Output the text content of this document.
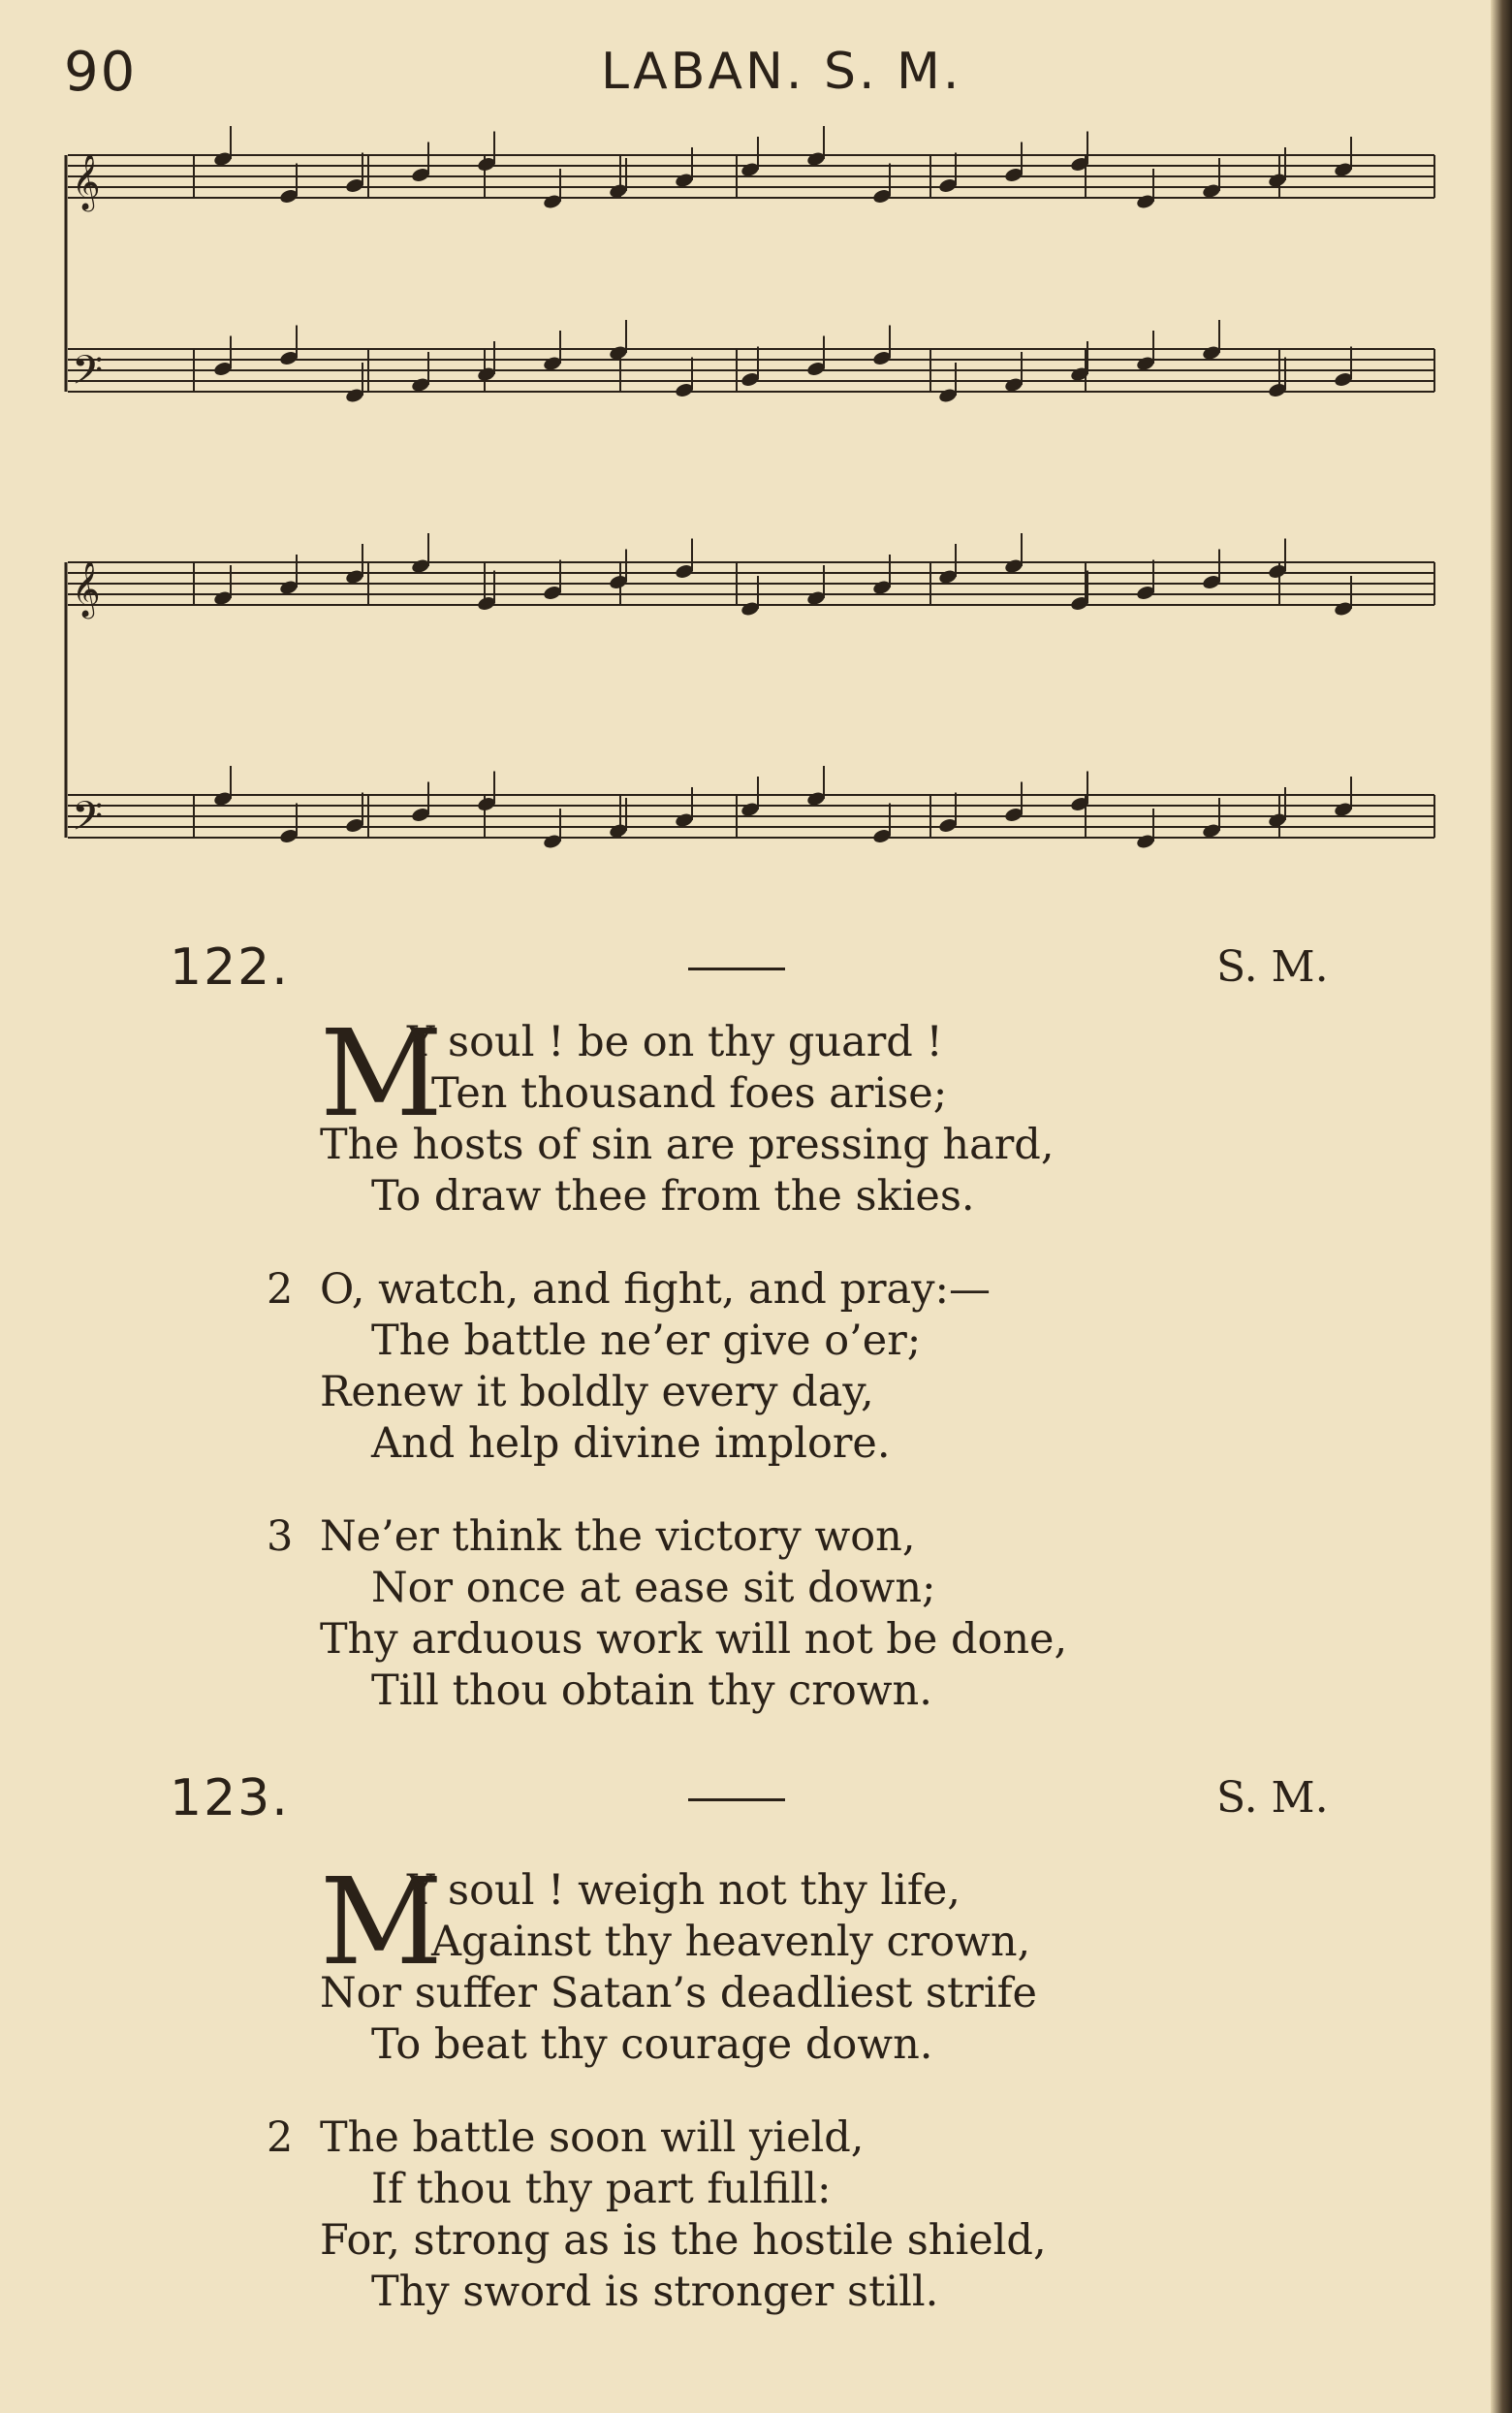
90	LABAN. S. M.
𝄞
𝄢
𝄞
𝄢
122.	S. M.
M
Y soul ! be on thy guard !
Ten thousand foes arise;
The hosts of sin are pressing hard,
To draw thee from the skies.
2 O, watch, and fight, and pray:—
The battle ne’er give o’er;
Renew it boldly every day,
And help divine implore.
3 Ne’er think the victory won,
Nor once at ease sit down;
Thy arduous work will not be done,
Till thou obtain thy crown.
123.	S. M.
M
Y soul ! weigh not thy life,
Against thy heavenly crown,
Nor suffer Satan’s deadliest strife
To beat thy courage down.
2 The battle soon will yield,
If thou thy part fulfill:
For, strong as is the hostile shield,
Thy sword is stronger still.
